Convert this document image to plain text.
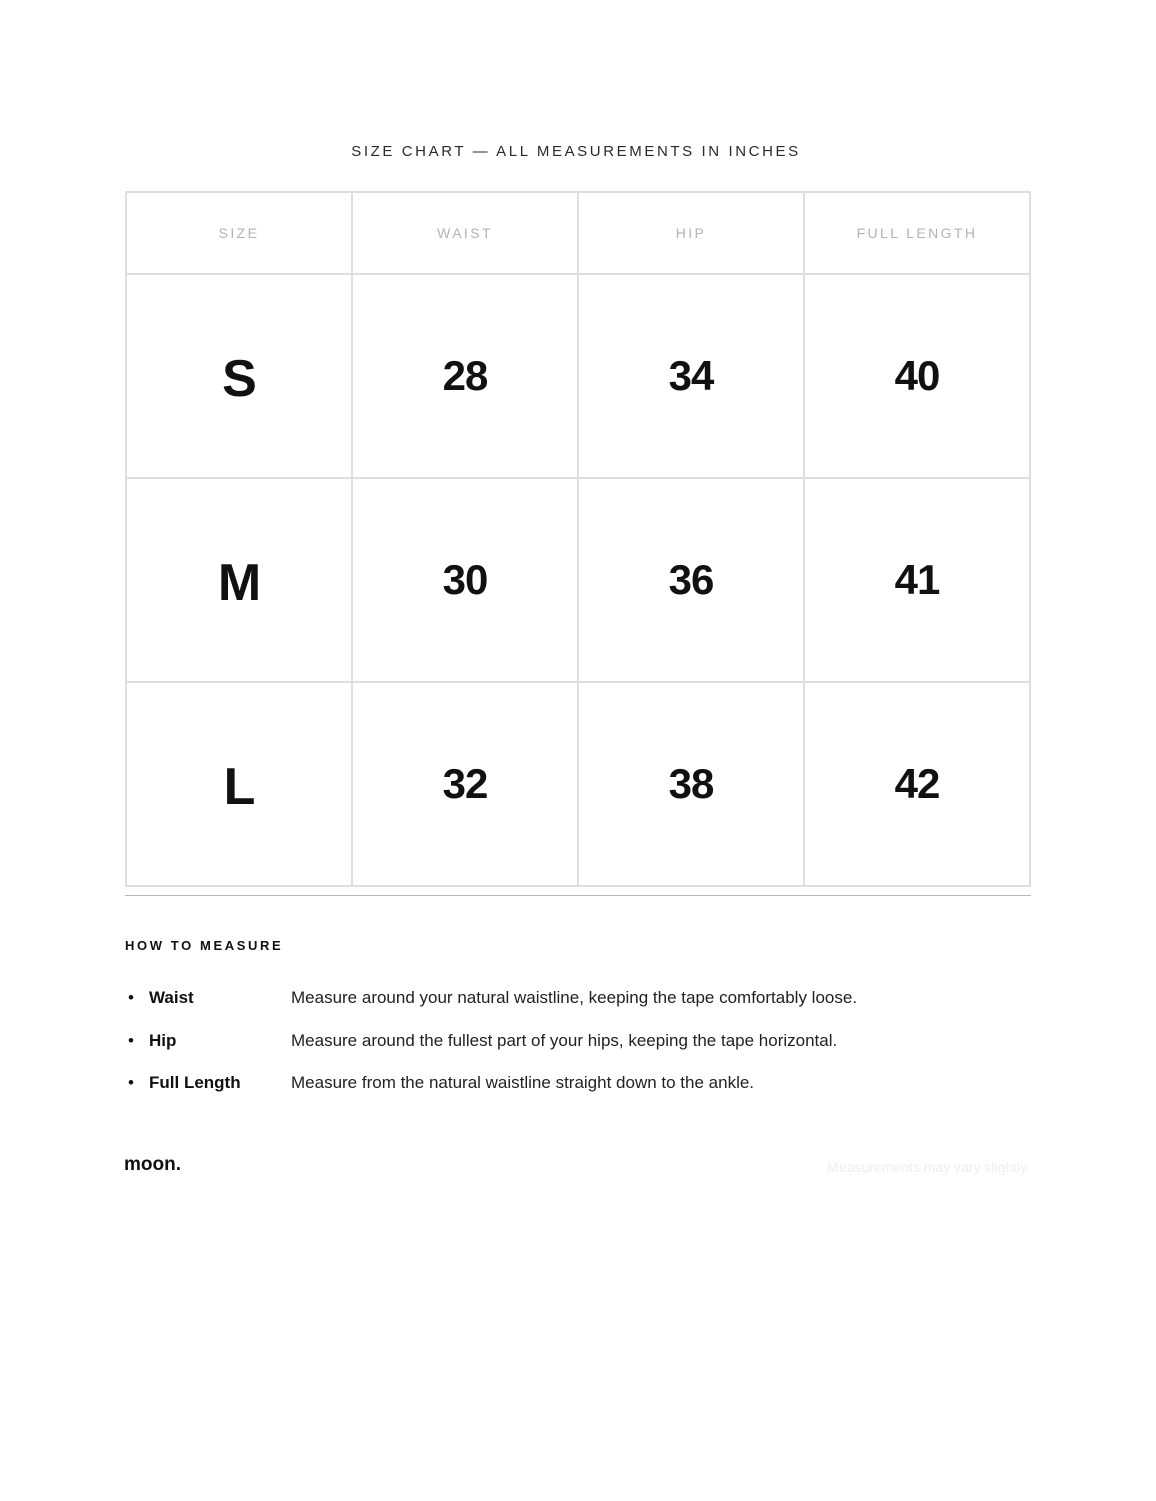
SIZE CHART — ALL MEASUREMENTS IN INCHES
SIZE	WAIST	HIP	FULL LENGTH
S	28	34	40
M	30	36	41
L	32	38	42
HOW TO MEASURE
• Waist	Measure around your natural waistline, keeping the tape comfortably loose.
• Hip	Measure around the fullest part of your hips, keeping the tape horizontal.
• Full Length	Measure from the natural waistline straight down to the ankle.
moon.	Measurements may vary slightly.
